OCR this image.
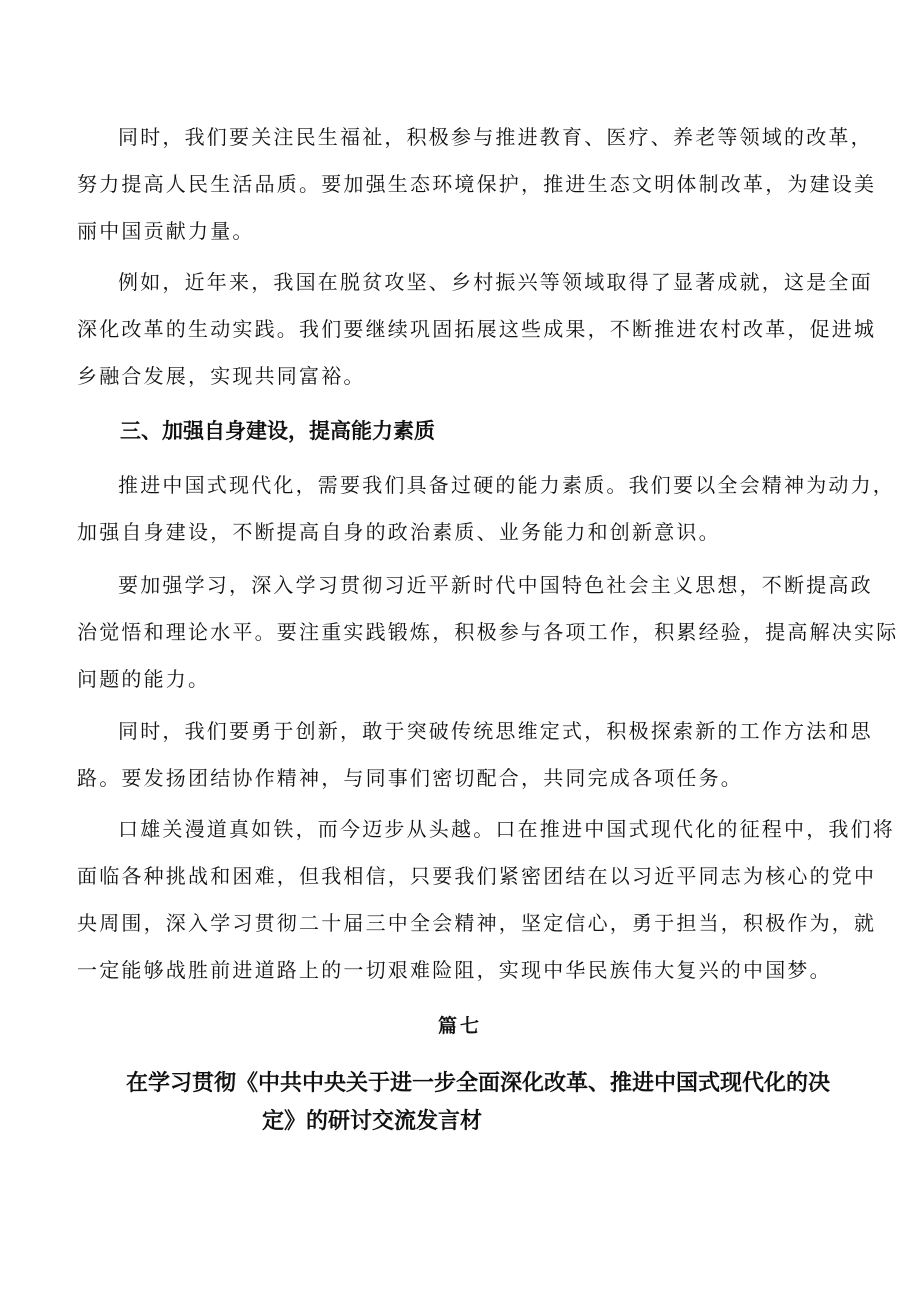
同时，我们要关注民生福祉，积极参与推进教育、医疗、养老等领域的改革，
努力提高人民生活品质。要加强生态环境保护，推进生态文明体制改革，为建设美
丽中国贡献力量。

例如，近年来，我国在脱贫攻坚、乡村振兴等领域取得了显著成就，这是全面
深化改革的生动实践。我们要继续巩固拓展这些成果，不断推进农村改革，促进城
乡融合发展，实现共同富裕。

三、加强自身建设，提高能力素质

推进中国式现代化，需要我们具备过硬的能力素质。我们要以全会精神为动力，
加强自身建设，不断提高自身的政治素质、业务能力和创新意识。

要加强学习，深入学习贯彻习近平新时代中国特色社会主义思想，不断提高政
治觉悟和理论水平。要注重实践锻炼，积极参与各项工作，积累经验，提高解决实际
问题的能力。

同时，我们要勇于创新，敢于突破传统思维定式，积极探索新的工作方法和思
路。要发扬团结协作精神，与同事们密切配合，共同完成各项任务。

口雄关漫道真如铁，而今迈步从头越。口在推进中国式现代化的征程中，我们将
面临各种挑战和困难，但我相信，只要我们紧密团结在以习近平同志为核心的党中
央周围，深入学习贯彻二十届三中全会精神，坚定信心，勇于担当，积极作为，就
一定能够战胜前进道路上的一切艰难险阻，实现中华民族伟大复兴的中国梦。

篇七
在学习贯彻《中共中央关于进一步全面深化改革、推进中国式现代化的决
定》的研讨交流发言材
